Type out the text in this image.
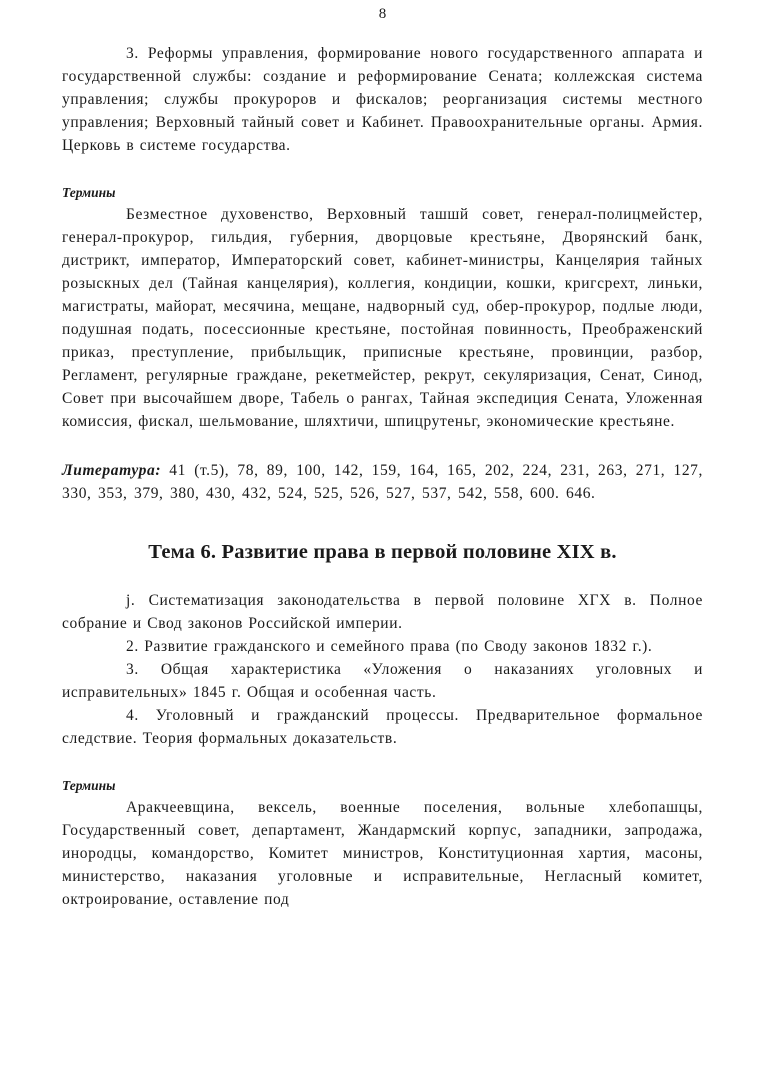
8

3. Реформы управления, формирование нового государственного аппарата и государственной службы: создание и реформирование Сената; коллежская система управления; службы прокуроров и фискалов; реорганизация системы местного управления; Верховный тайный совет и Кабинет. Правоохранительные органы. Армия. Церковь в системе государства.

Термины

Безместное духовенство, Верховный ташшй совет, генерал-полицмейстер, генерал-прокурор, гильдия, губерния, дворцовые крестьяне, Дворянский банк, дистрикт, император, Императорский совет, кабинет-министры, Канцелярия тайных розыскных дел (Тайная канцелярия), коллегия, кондиции, кошки, кригсрехт, линьки, магистраты, майорат, месячина, мещане, надворный суд, обер-прокурор, подлые люди, подушная подать, посессионные крестьяне, постойная повинность, Преображенский приказ, преступление, прибыльщик, приписные крестьяне, провинции, разбор, Регламент, регулярные граждане, рекетмейстер, рекрут, секуляризация, Сенат, Синод, Совет при высочайшем дворе, Табель о рангах, Тайная экспедиция Сената, Уложенная комиссия, фискал, шельмование, шляхтичи, шпицрутеньг, экономические крестьяне.

Литература: 41 (т.5), 78, 89, 100, 142, 159, 164, 165, 202, 224, 231, 263, 271, 127, 330, 353, 379, 380, 430, 432, 524, 525, 526, 527, 537, 542, 558, 600. 646.

Тема 6. Развитие права в первой половине XIX в.

j. Систематизация законодательства в первой половине ХГХ в. Полное собрание и Свод законов Российской империи.

2. Развитие гражданского и семейного права (по Своду законов 1832 г.).

3. Общая характеристика «Уложения о наказаниях уголовных и исправительных» 1845 г. Общая и особенная часть.

4. Уголовный и гражданский процессы. Предварительное формальное следствие. Теория формальных доказательств.

Термины

Аракчеевщина, вексель, военные поселения, вольные хлебопашцы, Государственный совет, департамент, Жандармский корпус, западники, запродажа, инородцы, командорство, Комитет министров, Конституционная хартия, масоны, министерство, наказания уголовные и исправительные, Негласный комитет, октроирование, оставление под
